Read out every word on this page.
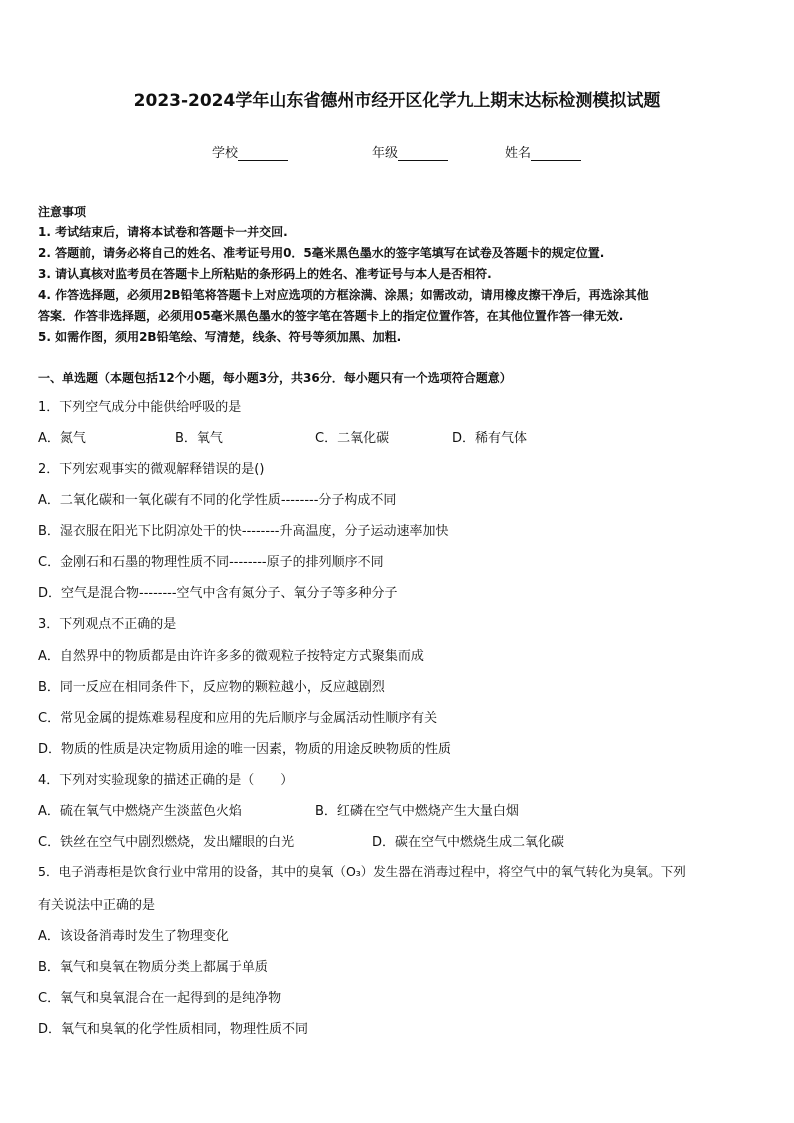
2023-2024学年山东省德州市经开区化学九上期末达标检测模拟试题
学校	年级	姓名
注意事项
1. 考试结束后，请将本试卷和答题卡一并交回.
2. 答题前，请务必将自己的姓名、准考证号用0．5毫米黑色墨水的签字笔填写在试卷及答题卡的规定位置.
3. 请认真核对监考员在答题卡上所粘贴的条形码上的姓名、准考证号与本人是否相符.
4. 作答选择题，必须用2B铅笔将答题卡上对应选项的方框涂满、涂黑；如需改动，请用橡皮擦干净后，再选涂其他
答案．作答非选择题，必须用05毫米黑色墨水的签字笔在答题卡上的指定位置作答，在其他位置作答一律无效.
5. 如需作图，须用2B铅笔绘、写清楚，线条、符号等须加黑、加粗.
一、单选题（本题包括12个小题，每小题3分，共36分．每小题只有一个选项符合题意）
1．下列空气成分中能供给呼吸的是
A．氮气	B．氧气	C．二氧化碳	D．稀有气体
2．下列宏观事实的微观解释错误的是()
A．二氧化碳和一氧化碳有不同的化学性质--------分子构成不同
B．湿衣服在阳光下比阴凉处干的快--------升高温度，分子运动速率加快
C．金刚石和石墨的物理性质不同--------原子的排列顺序不同
D．空气是混合物--------空气中含有氮分子、氧分子等多种分子
3．下列观点不正确的是
A．自然界中的物质都是由许许多多的微观粒子按特定方式聚集而成
B．同一反应在相同条件下，反应物的颗粒越小，反应越剧烈
C．常见金属的提炼难易程度和应用的先后顺序与金属活动性顺序有关
D．物质的性质是决定物质用途的唯一因素，物质的用途反映物质的性质
4．下列对实验现象的描述正确的是（　　）
A．硫在氧气中燃烧产生淡蓝色火焰	B．红磷在空气中燃烧产生大量白烟
C．铁丝在空气中剧烈燃烧，发出耀眼的白光	D．碳在空气中燃烧生成二氧化碳
5．电子消毒柜是饮食行业中常用的设备，其中的臭氧（O₃）发生器在消毒过程中，将空气中的氧气转化为臭氧。下列
有关说法中正确的是
A．该设备消毒时发生了物理变化
B．氧气和臭氧在物质分类上都属于单质
C．氧气和臭氧混合在一起得到的是纯净物
D．氧气和臭氧的化学性质相同，物理性质不同
